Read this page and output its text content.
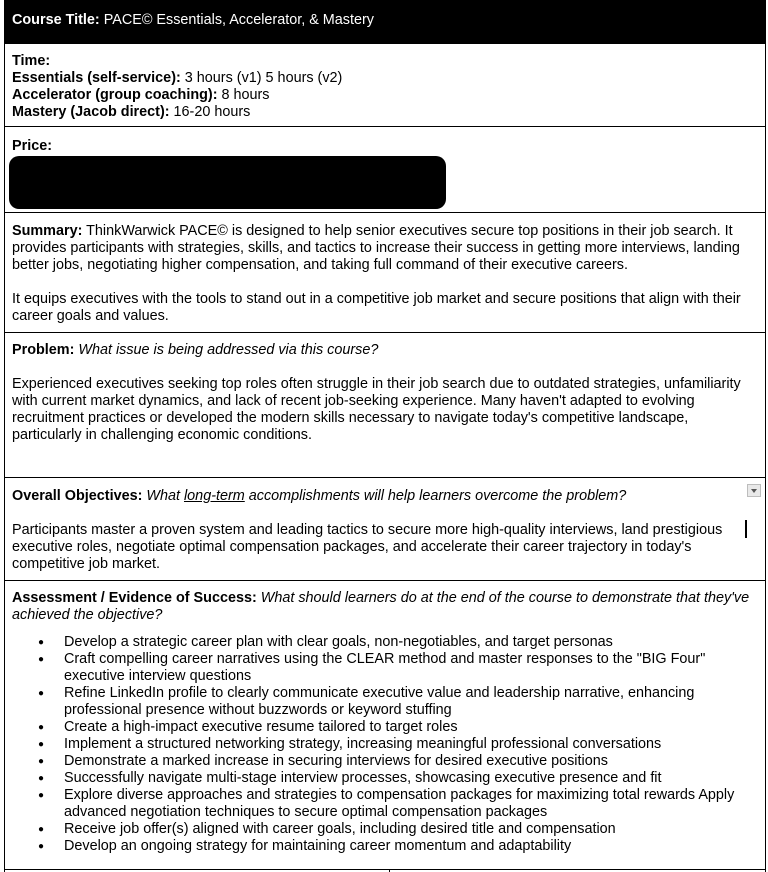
Course Title: PACE© Essentials, Accelerator, & Mastery

Time:

Essentials (self-service): 3 hours (v1) 5 hours (v2)

Accelerator (group coaching): 8 hours

Mastery (Jacob direct): 16-20 hours

Price:

Summary: ThinkWarwick PACE© is designed to help senior executives secure top positions in their job search. It provides participants with strategies, skills, and tactics to increase their success in getting more interviews, landing better jobs, negotiating higher compensation, and taking full command of their executive careers.

It equips executives with the tools to stand out in a competitive job market and secure positions that align with their career goals and values.

Problem: What issue is being addressed via this course?

Experienced executives seeking top roles often struggle in their job search due to outdated strategies, unfamiliarity with current market dynamics, and lack of recent job-seeking experience. Many haven't adapted to evolving recruitment practices or developed the modern skills necessary to navigate today's competitive landscape, particularly in challenging economic conditions.

Overall Objectives: What long-term accomplishments will help learners overcome the problem?

Participants master a proven system and leading tactics to secure more high-quality interviews, land prestigious executive roles, negotiate optimal compensation packages, and accelerate their career trajectory in today's competitive job market.

Assessment / Evidence of Success: What should learners do at the end of the course to demonstrate that they've achieved the objective?

● Develop a strategic career plan with clear goals, non-negotiables, and target personas
● Craft compelling career narratives using the CLEAR method and master responses to the "BIG Four" executive interview questions
● Refine LinkedIn profile to clearly communicate executive value and leadership narrative, enhancing professional presence without buzzwords or keyword stuffing
● Create a high-impact executive resume tailored to target roles
● Implement a structured networking strategy, increasing meaningful professional conversations
● Demonstrate a marked increase in securing interviews for desired executive positions
● Successfully navigate multi-stage interview processes, showcasing executive presence and fit
● Explore diverse approaches and strategies to compensation packages for maximizing total rewards Apply advanced negotiation techniques to secure optimal compensation packages
● Receive job offer(s) aligned with career goals, including desired title and compensation
● Develop an ongoing strategy for maintaining career momentum and adaptability
